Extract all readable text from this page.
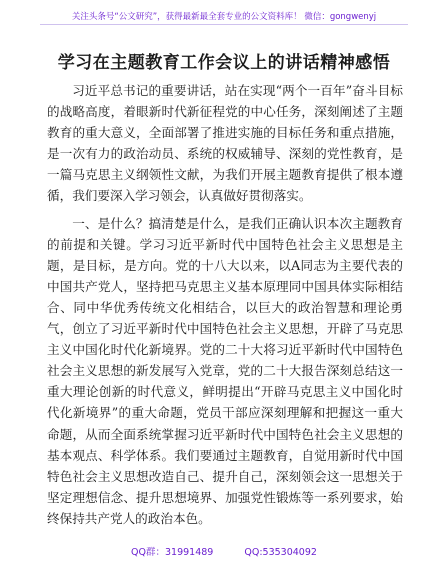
关注头条号“公文研究”，获得最新最全套专业的公文资料库！ 微信：gongwenyj
学习在主题教育工作会议上的讲话精神感悟

习近平总书记的重要讲话，站在实现“两个一百年”奋斗目标的战略高度，着眼新时代新征程党的中心任务，深刻阐述了主题教育的重大意义，全面部署了推进实施的目标任务和重点措施，是一次有力的政治动员、系统的权威辅导、深刻的党性教育，是一篇马克思主义纲领性文献，为我们开展主题教育提供了根本遵循，我们要深入学习领会，认真做好贯彻落实。

一、是什么？搞清楚是什么，是我们正确认识本次主题教育的前提和关键。学习习近平新时代中国特色社会主义思想是主题，是目标，是方向。党的十八大以来，以A同志为主要代表的中国共产党人，坚持把马克思主义基本原理同中国具体实际相结合、同中华优秀传统文化相结合，以巨大的政治智慧和理论勇气，创立了习近平新时代中国特色社会主义思想，开辟了马克思主义中国化时代化新境界。党的二十大将习近平新时代中国特色社会主义思想的新发展写入党章，党的二十大报告深刻总结这一重大理论创新的时代意义，鲜明提出“开辟马克思主义中国化时代化新境界”的重大命题，党员干部应深刻理解和把握这一重大命题，从而全面系统掌握习近平新时代中国特色社会主义思想的基本观点、科学体系。我们要通过主题教育，自觉用新时代中国特色社会主义思想改造自己、提升自己，深刻领会这一思想关于坚定理想信念、提升思想境界、加强党性锻炼等一系列要求，始终保持共产党人的政治本色。

QQ群：31991489	QQ:535304092
